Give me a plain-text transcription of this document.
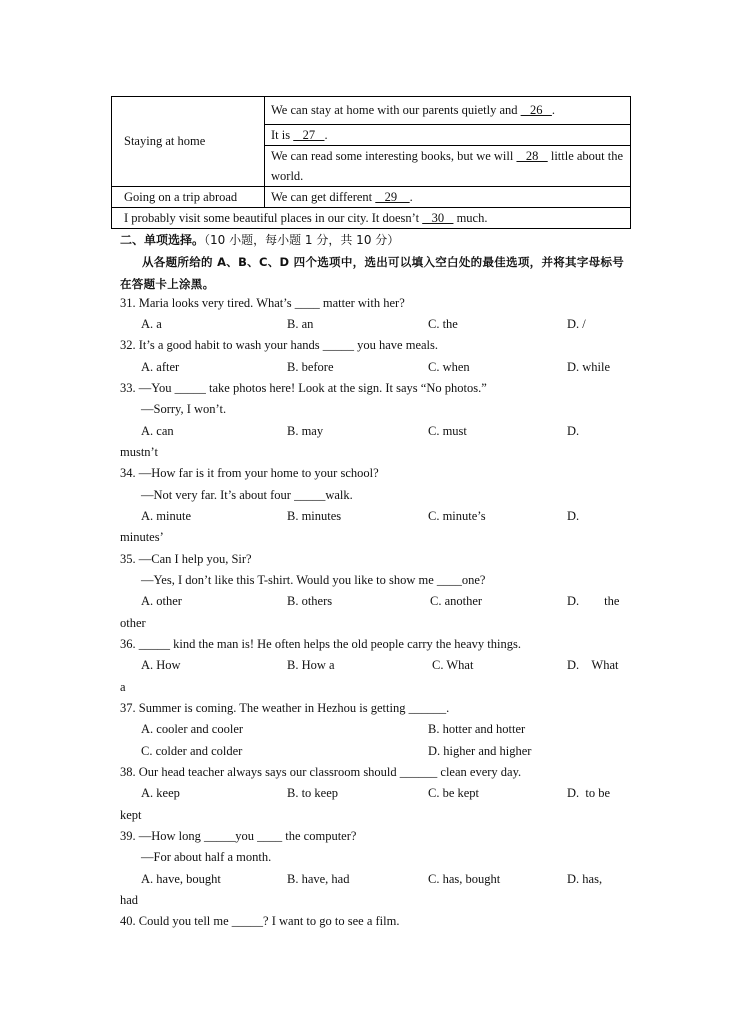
Staying at home	We can stay at home with our parents quietly and    26   .
	It is    27   .
	We can read some interesting books, but we will    28    little about the world.
Going on a trip abroad	We can get different    29    .
I probably visit some beautiful places in our city. It doesn’t    30    much.	
二、单项选择。（10 小题，每小题 1 分，共 10 分）
从各题所给的 A、B、C、D 四个选项中，选出可以填入空白处的最佳选项，并将其字母标号在答题卡上涂黑。
31. Maria looks very tired. What’s ____ matter with her?
A. a	B. an	C. the	D. /
32. It’s a good habit to wash your hands _____ you have meals.
A. after	B. before	C. when	D. while
33. —You _____ take photos here! Look at the sign. It says “No photos.”
—Sorry, I won’t.
A. can	B. may	C. must	D.
mustn’t
34. —How far is it from your home to your school?
—Not very far. It’s about four _____walk.
A. minute	B. minutes	C. minute’s	D.
minutes’
35. —Can I help you, Sir?
—Yes, I don’t like this T-shirt. Would you like to show me ____one?
A. other	B. others	C. another	D.        the
other
36. _____ kind the man is! He often helps the old people carry the heavy things.
A. How	B. How a	C. What	D.    What
a
37. Summer is coming. The weather in Hezhou is getting ______.
A. cooler and cooler	B. hotter and hotter
C. colder and colder	D. higher and higher
38. Our head teacher always says our classroom should ______ clean every day.
A. keep	B. to keep	C. be kept	D.  to be
kept
39. —How long _____you ____ the computer?
—For about half a month.
A. have, bought	B. have, had	C. has, bought	D. has,
had
40. Could you tell me _____? I want to go to see a film.
